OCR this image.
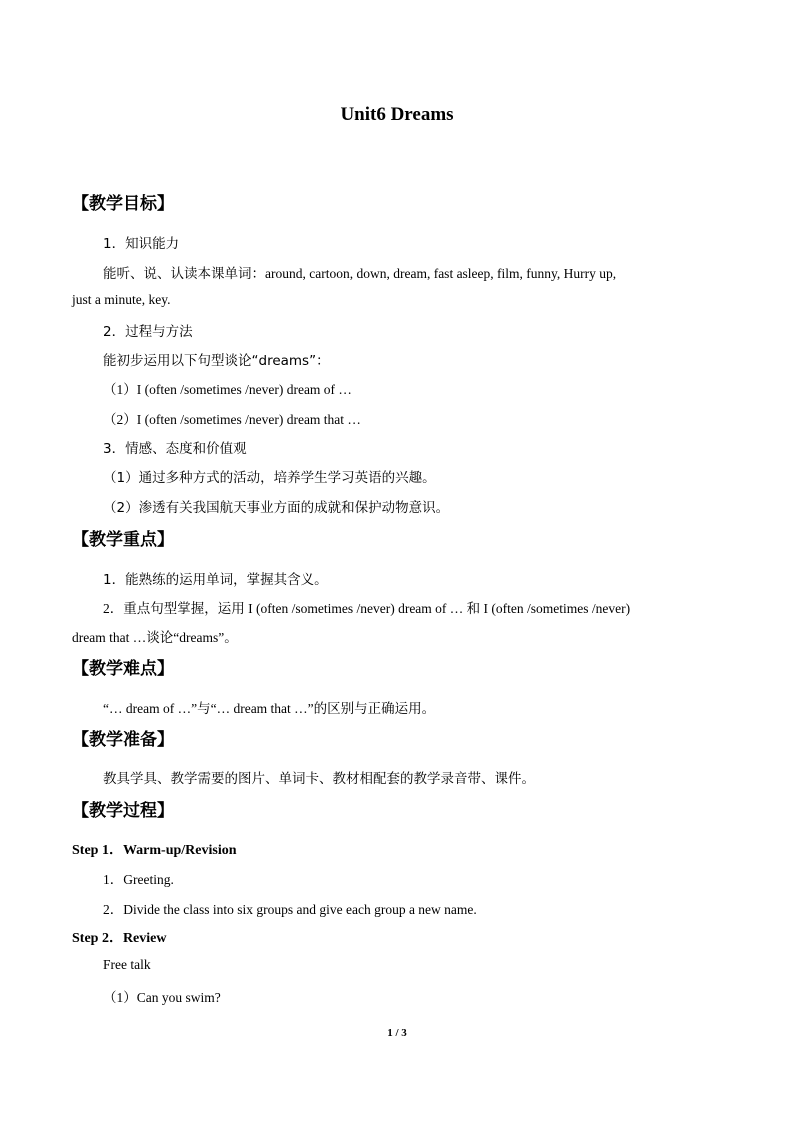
Unit6 Dreams
【教学目标】
1．知识能力
能听、说、认读本课单词：around, cartoon, down, dream, fast asleep, film, funny, Hurry up,
just a minute, key.
2．过程与方法
能初步运用以下句型谈论“dreams”：
（1）I (often /sometimes /never) dream of …
（2）I (often /sometimes /never) dream that …
3．情感、态度和价值观
（1）通过多种方式的活动，培养学生学习英语的兴趣。
（2）渗透有关我国航天事业方面的成就和保护动物意识。
【教学重点】
1．能熟练的运用单词，掌握其含义。
2．重点句型掌握，运用 I (often /sometimes /never) dream of … 和 I (often /sometimes /never)
dream that …谈论“dreams”。
【教学难点】
“… dream of …”与“… dream that …”的区别与正确运用。
【教学准备】
教具学具、教学需要的图片、单词卡、教材相配套的教学录音带、课件。
【教学过程】
Step 1．Warm-up/Revision
1．Greeting.
2．Divide the class into six groups and give each group a new name.
Step 2．Review
Free talk
（1）Can you swim?
1 / 3
